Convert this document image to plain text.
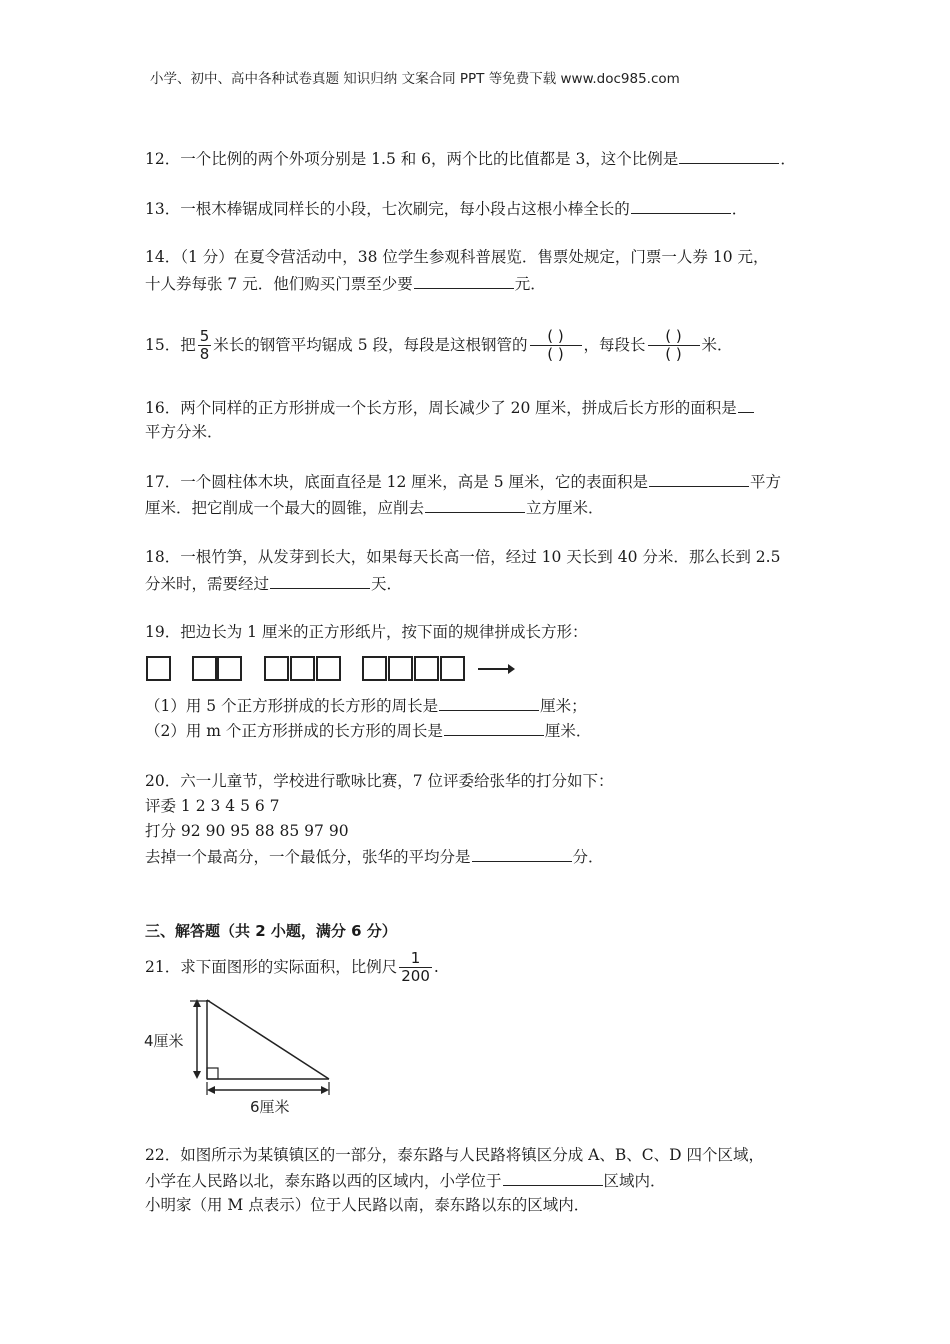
小学、初中、高中各种试卷真题 知识归纳 文案合同 PPT 等免费下载 www.doc985.com
12．一个比例的两个外项分别是 1.5 和 6，两个比的比值都是 3，这个比例是	．
13．一根木棒锯成同样长的小段，七次刷完，每小段占这根小棒全长的	．
14．（1 分）在夏令营活动中，38 位学生参观科普展览．售票处规定，门票一人券 10 元，
十人券每张 7 元．他们购买门票至少要	元．
15．把 $\frac{5}{8}$ 米长的钢管平均锯成 5 段，每段是这根钢管的 $\frac{( )}{( )}$ ，每段长 $\frac{( )}{( )}$ 米．
16．两个同样的正方形拼成一个长方形，周长减少了 20 厘米，拼成后长方形的面积是
平方分米．
17．一个圆柱体木块，底面直径是 12 厘米，高是 5 厘米，它的表面积是	平方
厘米．把它削成一个最大的圆锥，应削去	立方厘米．
18．一根竹笋，从发芽到长大，如果每天长高一倍，经过 10 天长到 40 分米．那么长到 2.5
分米时，需要经过	天．
19．把边长为 1 厘米的正方形纸片，按下面的规律拼成长方形：
（1）用 5 个正方形拼成的长方形的周长是	厘米；
（2）用 m 个正方形拼成的长方形的周长是	厘米．
20．六一儿童节，学校进行歌咏比赛，7 位评委给张华的打分如下：
评委 1 2 3 4 5 6 7
打分 92 90 95 88 85 97 90
去掉一个最高分，一个最低分，张华的平均分是	分．
三、解答题（共 2 小题，满分 6 分）
21．求下面图形的实际面积，比例尺 $\frac{1}{200}$ .
4厘米
6厘米
22．如图所示为某镇镇区的一部分，泰东路与人民路将镇区分成 A、B、C、D 四个区域，
小学在人民路以北，泰东路以西的区域内，小学位于	区域内．
小明家（用 M 点表示）位于人民路以南，泰东路以东的区域内．
